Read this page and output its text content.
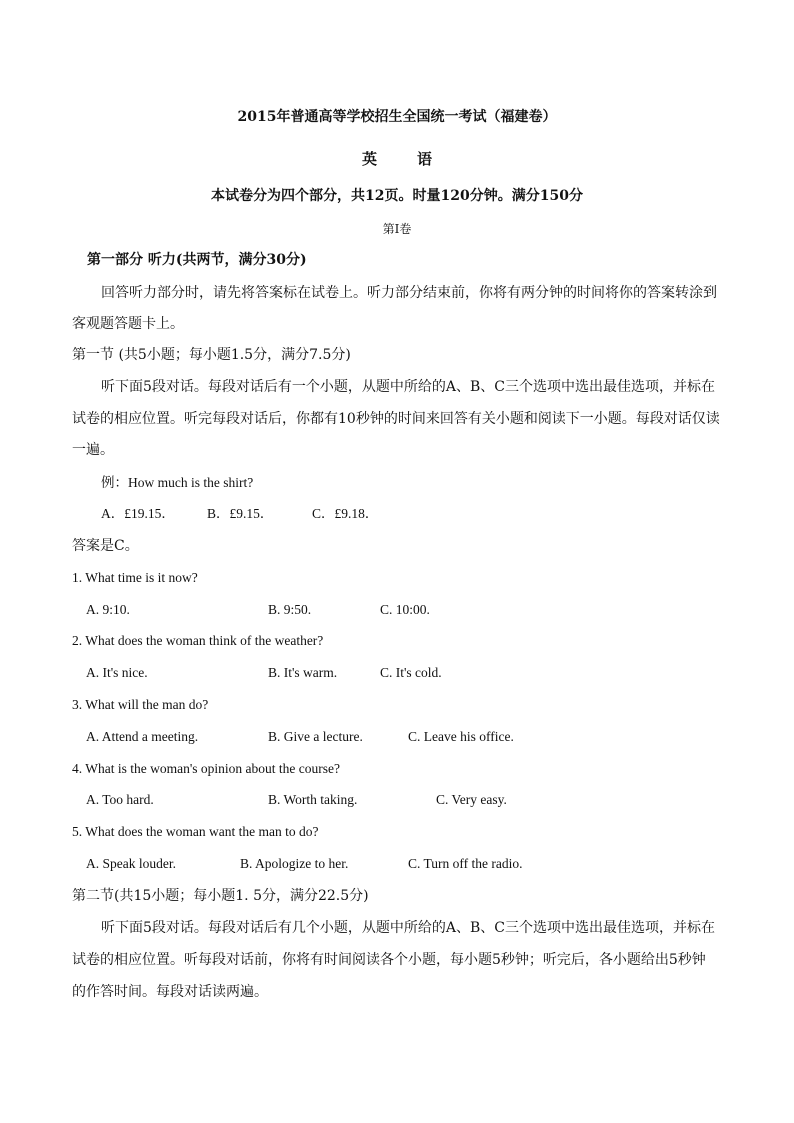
2015年普通高等学校招生全国统一考试（福建卷）
英	语
本试卷分为四个部分，共12页。时量120分钟。满分150分
第Ⅰ卷
第一部分 听力(共两节，满分30分)
回答听力部分时，请先将答案标在试卷上。听力部分结束前，你将有两分钟的时间将你的答案转涂到
客观题答题卡上。
第一节 (共5小题；每小题1.5分，满分7.5分)
听下面5段对话。每段对话后有一个小题，从题中所给的A、B、C三个选项中选出最佳选项，并标在
试卷的相应位置。听完每段对话后，你都有10秒钟的时间来回答有关小题和阅读下一小题。每段对话仅读
一遍。
例：How much is the shirt?
A．£19.15． B．£9.15．	C．£9.18．
答案是C。
1. What time is it now?
A. 9:10.	B. 9:50.	C. 10:00.
2. What does the woman think of the weather?
A. It's nice.	B. It's warm.	C. It's cold.
3. What will the man do?
A. Attend a meeting.	B. Give a lecture.	C. Leave his office.
4. What is the woman's opinion about the course?
A. Too hard.	B. Worth taking.	C. Very easy.
5. What does the woman want the man to do?
A. Speak louder.	B. Apologize to her.	C. Turn off the radio.
第二节(共15小题；每小题1. 5分，满分22.5分)
听下面5段对话。每段对话后有几个小题，从题中所给的A、B、C三个选项中选出最佳选项，并标在
试卷的相应位置。听每段对话前，你将有时间阅读各个小题，每小题5秒钟；听完后，各小题给出5秒钟
的作答时间。每段对话读两遍。
